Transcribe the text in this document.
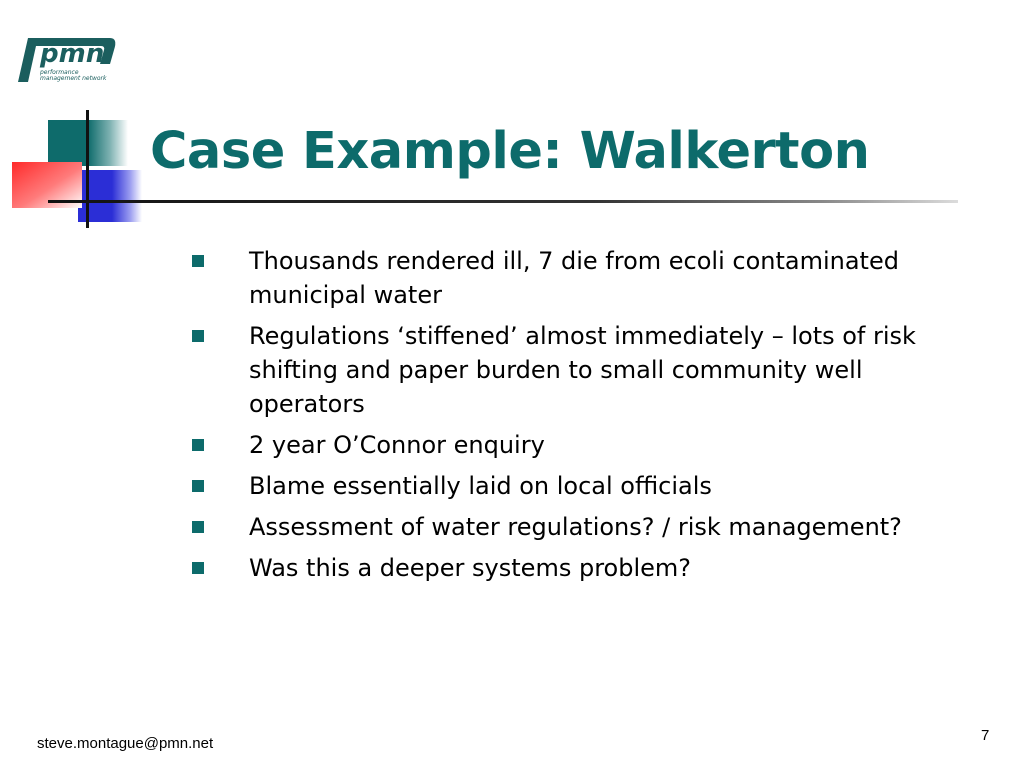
pmn
performance
management network
Case Example: Walkerton
Thousands rendered ill, 7 die from ecoli contaminated municipal water
Regulations ‘stiffened’ almost immediately – lots of risk shifting and paper burden to small community well operators
2 year O’Connor enquiry
Blame essentially laid on local officials
Assessment of water regulations? / risk management?
Was this a deeper systems problem?
steve.montague@pmn.net	7
